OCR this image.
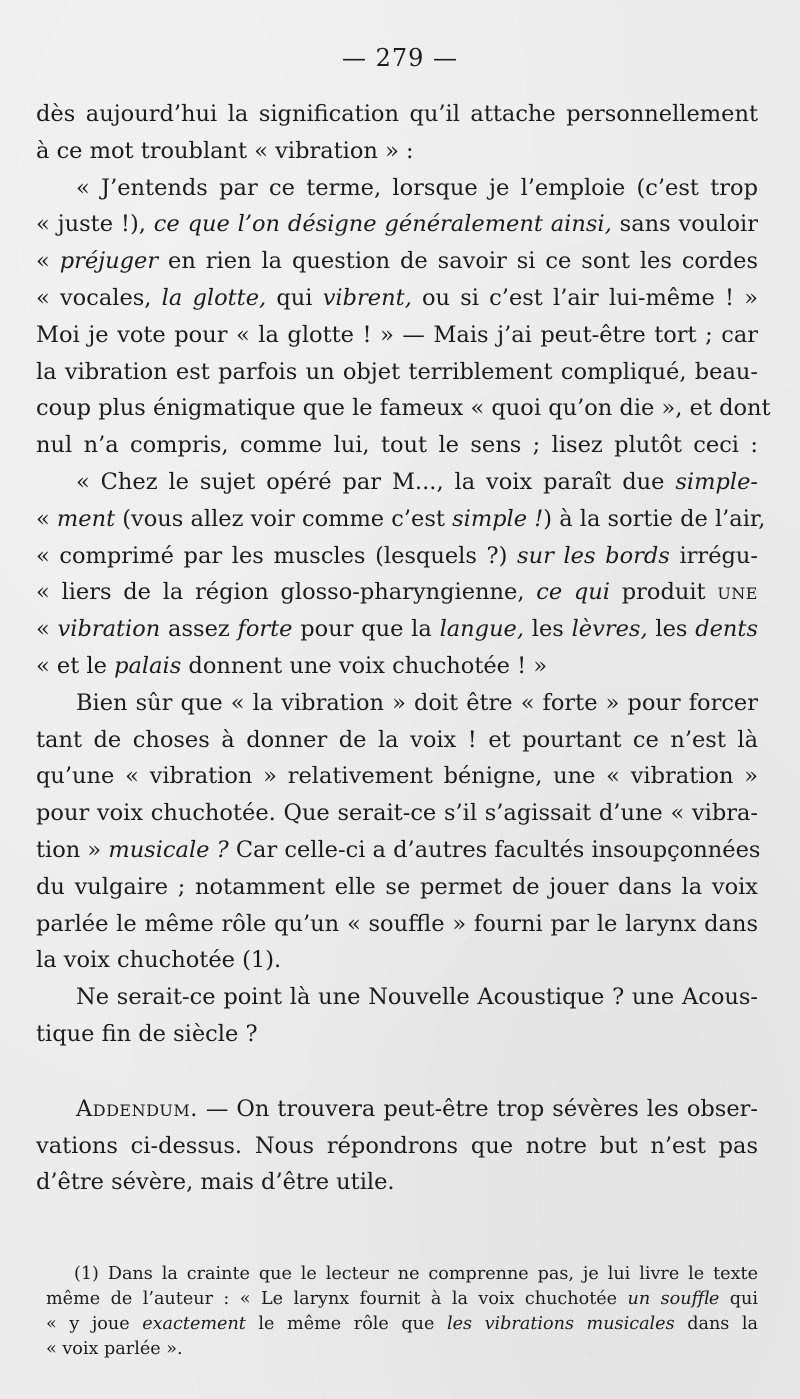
— 279 —
dès aujourd’hui la signification qu’il attache personnellement
à ce mot troublant « vibration » :
« J’entends par ce terme, lorsque je l’emploie (c’est trop
« juste !), ce que l’on désigne généralement ainsi, sans vouloir
« préjuger en rien la question de savoir si ce sont les cordes
« vocales, la glotte, qui vibrent, ou si c’est l’air lui-même ! »
Moi je vote pour « la glotte ! » — Mais j’ai peut-être tort ; car
la vibration est parfois un objet terriblement compliqué, beau-
coup plus énigmatique que le fameux « quoi qu’on die », et dont
nul n’a compris, comme lui, tout le sens ; lisez plutôt ceci :
« Chez le sujet opéré par M..., la voix paraît due simple-
« ment (vous allez voir comme c’est simple !) à la sortie de l’air,
« comprimé par les muscles (lesquels ?) sur les bords irrégu-
« liers de la région glosso-pharyngienne, ce qui produit une
« vibration assez forte pour que la langue, les lèvres, les dents
« et le palais donnent une voix chuchotée ! »
Bien sûr que « la vibration » doit être « forte » pour forcer
tant de choses à donner de la voix ! et pourtant ce n’est là
qu’une « vibration » relativement bénigne, une « vibration »
pour voix chuchotée. Que serait-ce s’il s’agissait d’une « vibra-
tion » musicale ? Car celle-ci a d’autres facultés insoupçonnées
du vulgaire ; notamment elle se permet de jouer dans la voix
parlée le même rôle qu’un « souffle » fourni par le larynx dans
la voix chuchotée (1).
Ne serait-ce point là une Nouvelle Acoustique ? une Acous-
tique fin de siècle ?
Addendum. — On trouvera peut-être trop sévères les obser-
vations ci-dessus. Nous répondrons que notre but n’est pas
d’être sévère, mais d’être utile.
(1) Dans la crainte que le lecteur ne comprenne pas, je lui livre le texte
même de l’auteur : « Le larynx fournit à la voix chuchotée un souffle qui
« y joue exactement le même rôle que les vibrations musicales dans la
« voix parlée ».
